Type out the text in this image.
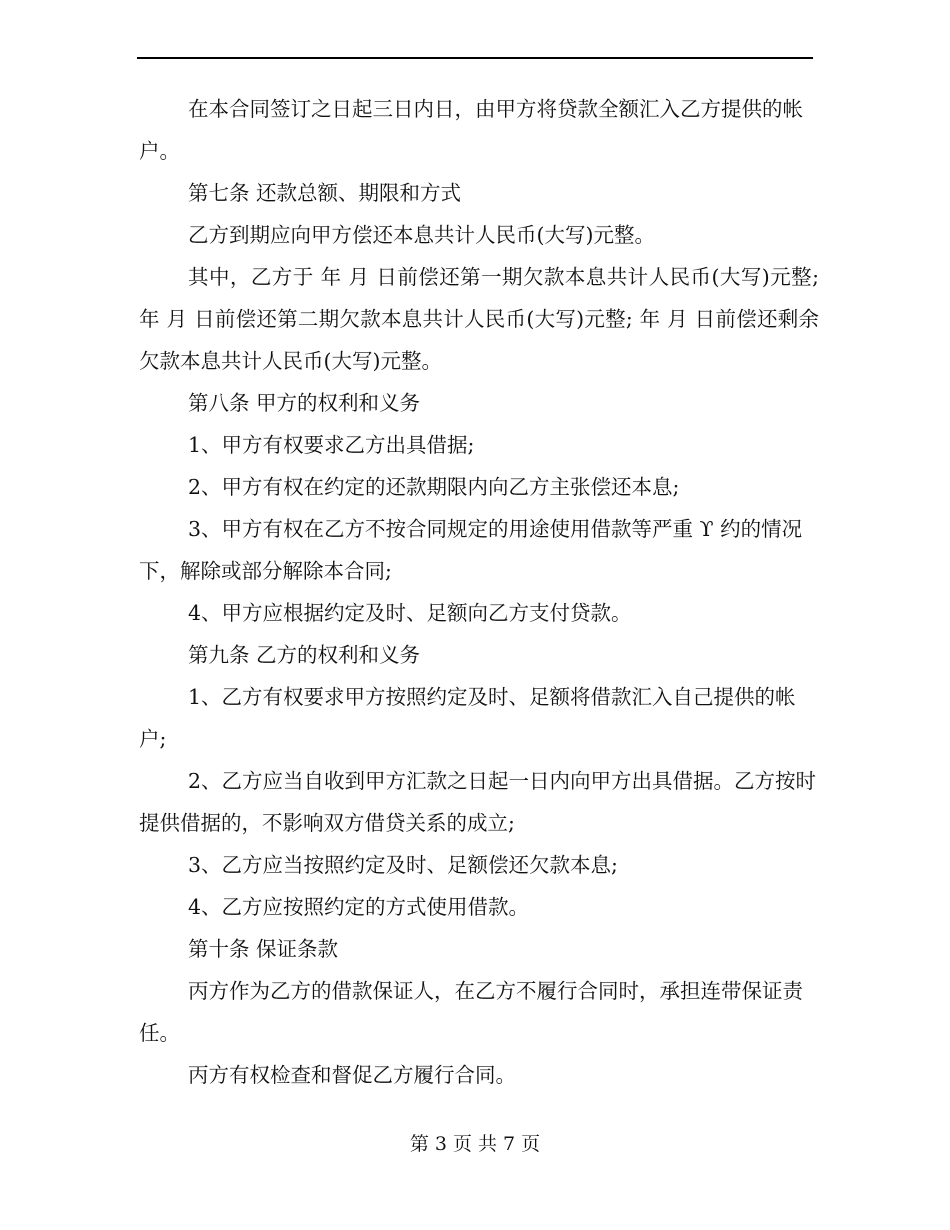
在本合同签订之日起三日内日，由甲方将贷款全额汇入乙方提供的帐户。

第七条 还款总额、期限和方式

乙方到期应向甲方偿还本息共计人民币(大写)元整。

其中，乙方于 年 月 日前偿还第一期欠款本息共计人民币(大写)元整; 年 月 日前偿还第二期欠款本息共计人民币(大写)元整; 年 月 日前偿还剩余欠款本息共计人民币(大写)元整。

第八条 甲方的权利和义务

1、甲方有权要求乙方出具借据;

2、甲方有权在约定的还款期限内向乙方主张偿还本息;

3、甲方有权在乙方不按合同规定的用途使用借款等严重 ϒ 约的情况下，解除或部分解除本合同;

4、甲方应根据约定及时、足额向乙方支付贷款。

第九条 乙方的权利和义务

1、乙方有权要求甲方按照约定及时、足额将借款汇入自己提供的帐户;

2、乙方应当自收到甲方汇款之日起一日内向甲方出具借据。乙方按时提供借据的，不影响双方借贷关系的成立;

3、乙方应当按照约定及时、足额偿还欠款本息;

4、乙方应按照约定的方式使用借款。

第十条 保证条款

丙方作为乙方的借款保证人，在乙方不履行合同时，承担连带保证责任。

丙方有权检查和督促乙方履行合同。

第 3 页 共 7 页
